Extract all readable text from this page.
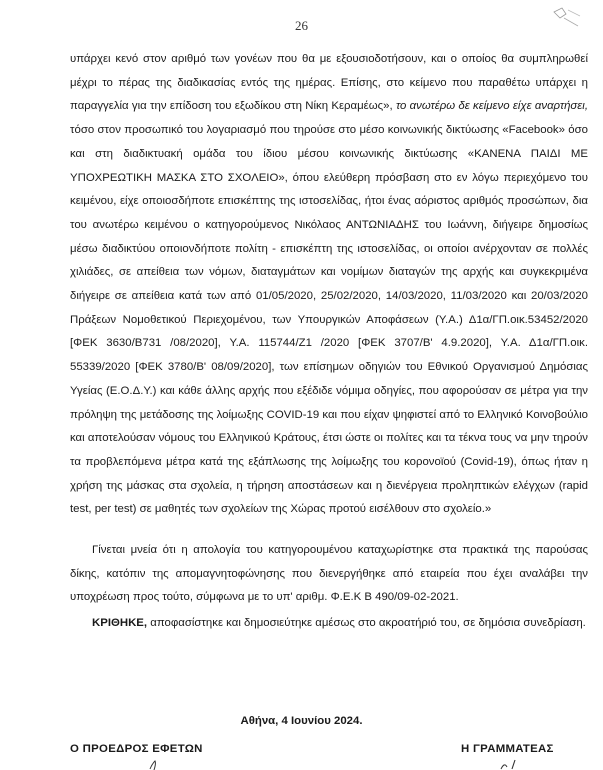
26

υπάρχει κενό στον αριθμό των γονέων που θα με εξουσιοδοτήσουν, και ο οποίος θα συμπληρωθεί μέχρι το πέρας της διαδικασίας εντός της ημέρας. Επίσης, στο κείμενο που παραθέτω υπάρχει η παραγγελία για την επίδοση του εξωδίκου στη Νίκη Κεραμέως», το ανωτέρω δε κείμενο είχε αναρτήσει, τόσο στον προσωπικό του λογαριασμό που τηρούσε στο μέσο κοινωνικής δικτύωσης «Facebook» όσο και στη διαδικτυακή ομάδα του ίδιου μέσου κοινωνικής δικτύωσης «ΚΑΝΕΝΑ ΠΑΙΔΙ ΜΕ ΥΠΟΧΡΕΩΤΙΚΗ ΜΑΣΚΑ ΣΤΟ ΣΧΟΛΕΙΟ», όπου ελεύθερη πρόσβαση στο εν λόγω περιεχόμενο του κειμένου, είχε οποιοσδήποτε επισκέπτης της ιστοσελίδας, ήτοι ένας αόριστος αριθμός προσώπων, δια του ανωτέρω κειμένου ο κατηγορούμενος Νικόλαος ΑΝΤΩΝΙΑΔΗΣ του Ιωάννη, διήγειρε δημοσίως μέσω διαδικτύου οποιονδήποτε πολίτη - επισκέπτη της ιστοσελίδας, οι οποίοι ανέρχονταν σε πολλές χιλιάδες, σε απείθεια των νόμων, διαταγμάτων και νομίμων διαταγών της αρχής και συγκεκριμένα διήγειρε σε απείθεια κατά των από 01/05/2020, 25/02/2020, 14/03/2020, 11/03/2020 και 20/03/2020 Πράξεων Νομοθετικού Περιεχομένου, των Υπουργικών Αποφάσεων (Υ.Α.) Δ1α/ΓΠ.οικ.53452/2020 [ΦΕΚ 3630/Β731 /08/2020], Υ.Α. 115744/Ζ1 /2020 [ΦΕΚ 3707/Β' 4.9.2020], Υ.Α. Δ1α/ΓΠ.οικ. 55339/2020 [ΦΕΚ 3780/Β' 08/09/2020], των επίσημων οδηγιών του Εθνικού Οργανισμού Δημόσιας Υγείας (Ε.Ο.Δ.Υ.) και κάθε άλλης αρχής που εξέδιδε νόμιμα οδηγίες, που αφορούσαν σε μέτρα για την πρόληψη της μετάδοσης της λοίμωξης COVID-19 και που είχαν ψηφιστεί από το Ελληνικό Κοινοβούλιο και αποτελούσαν νόμους του Ελληνικού Κράτους, έτσι ώστε οι πολίτες και τα τέκνα τους να μην τηρούν τα προβλεπόμενα μέτρα κατά της εξάπλωσης της λοίμωξης του κορονοϊού (Covid-19), όπως ήταν η χρήση της μάσκας στα σχολεία, η τήρηση αποστάσεων και η διενέργεια προληπτικών ελέγχων (rapid test, per test) σε μαθητές των σχολείων της Χώρας προτού εισέλθουν στο σχολείο.»

Γίνεται μνεία ότι η απολογία του κατηγορουμένου καταχωρίστηκε στα πρακτικά της παρούσας δίκης, κατόπιν της απομαγνητοφώνησης που διενεργήθηκε από εταιρεία που έχει αναλάβει την υποχρέωση προς τούτο, σύμφωνα με το υπ' αριθμ. Φ.Ε.Κ Β 490/09-02-2021.

ΚΡΙΘΗΚΕ, αποφασίστηκε και δημοσιεύτηκε αμέσως στο ακροατήριό του, σε δημόσια συνεδρίαση.

Αθήνα, 4 Ιουνίου 2024.
Ο ΠΡΟΕΔΡΟΣ ΕΦΕΤΩΝ	Η ΓΡΑΜΜΑΤΕΑΣ
